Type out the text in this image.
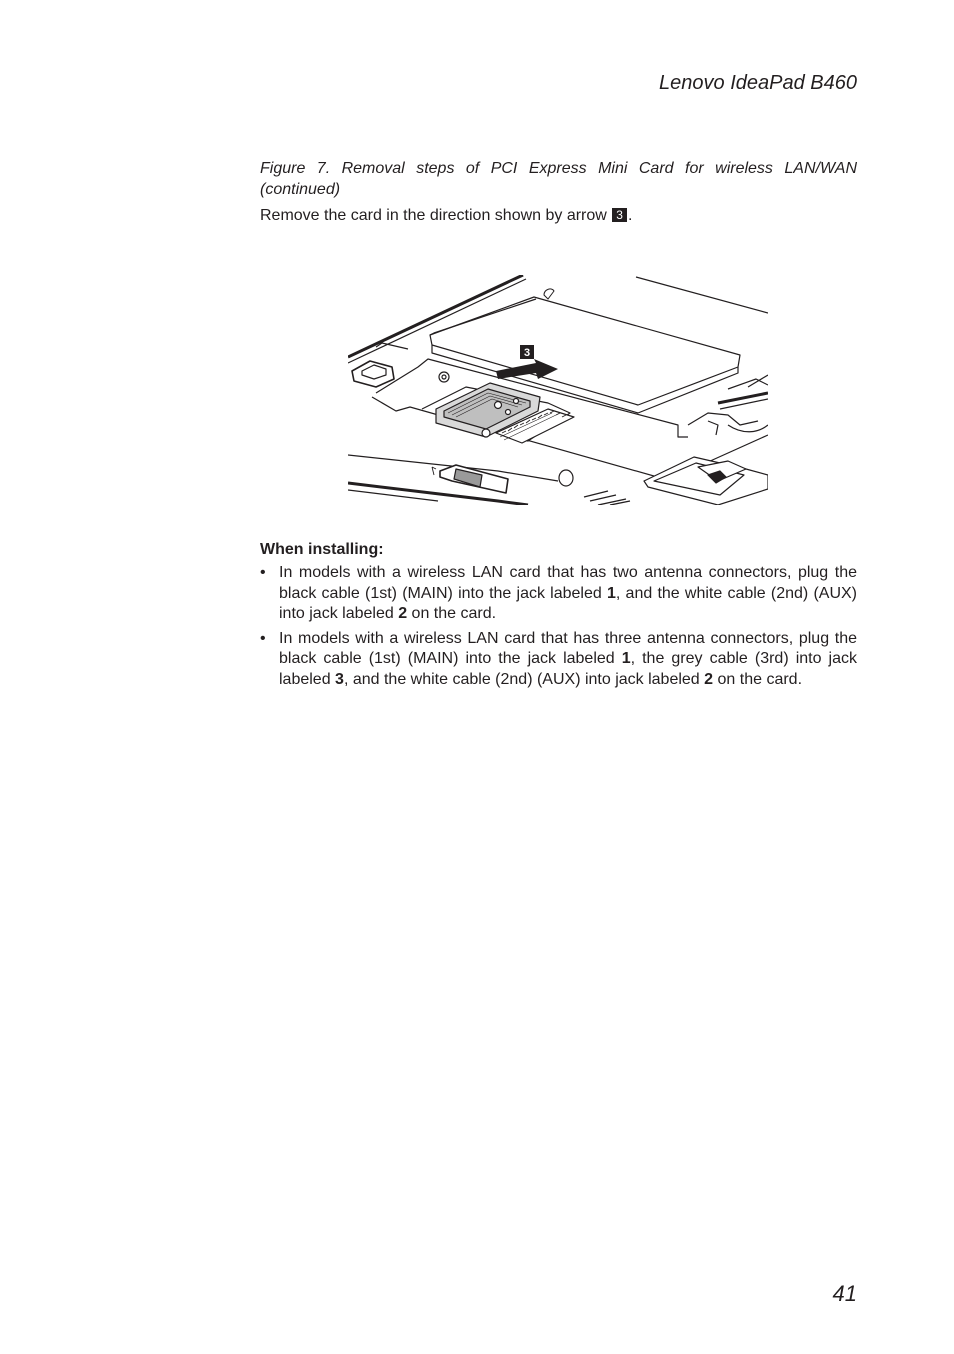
Lenovo IdeaPad B460
Figure 7. Removal steps of PCI Express Mini Card for wireless LAN/WAN (continued)
Remove the card in the direction shown by arrow 3 .
3
When installing:
• In models with a wireless LAN card that has two antenna connectors, plug the black cable (1st) (MAIN) into the jack labeled 1, and the white cable (2nd) (AUX) into jack labeled 2 on the card.
• In models with a wireless LAN card that has three antenna connectors, plug the black cable (1st) (MAIN) into the jack labeled 1, the grey cable (3rd) into jack labeled 3, and the white cable (2nd) (AUX) into jack labeled 2 on the card.
41
